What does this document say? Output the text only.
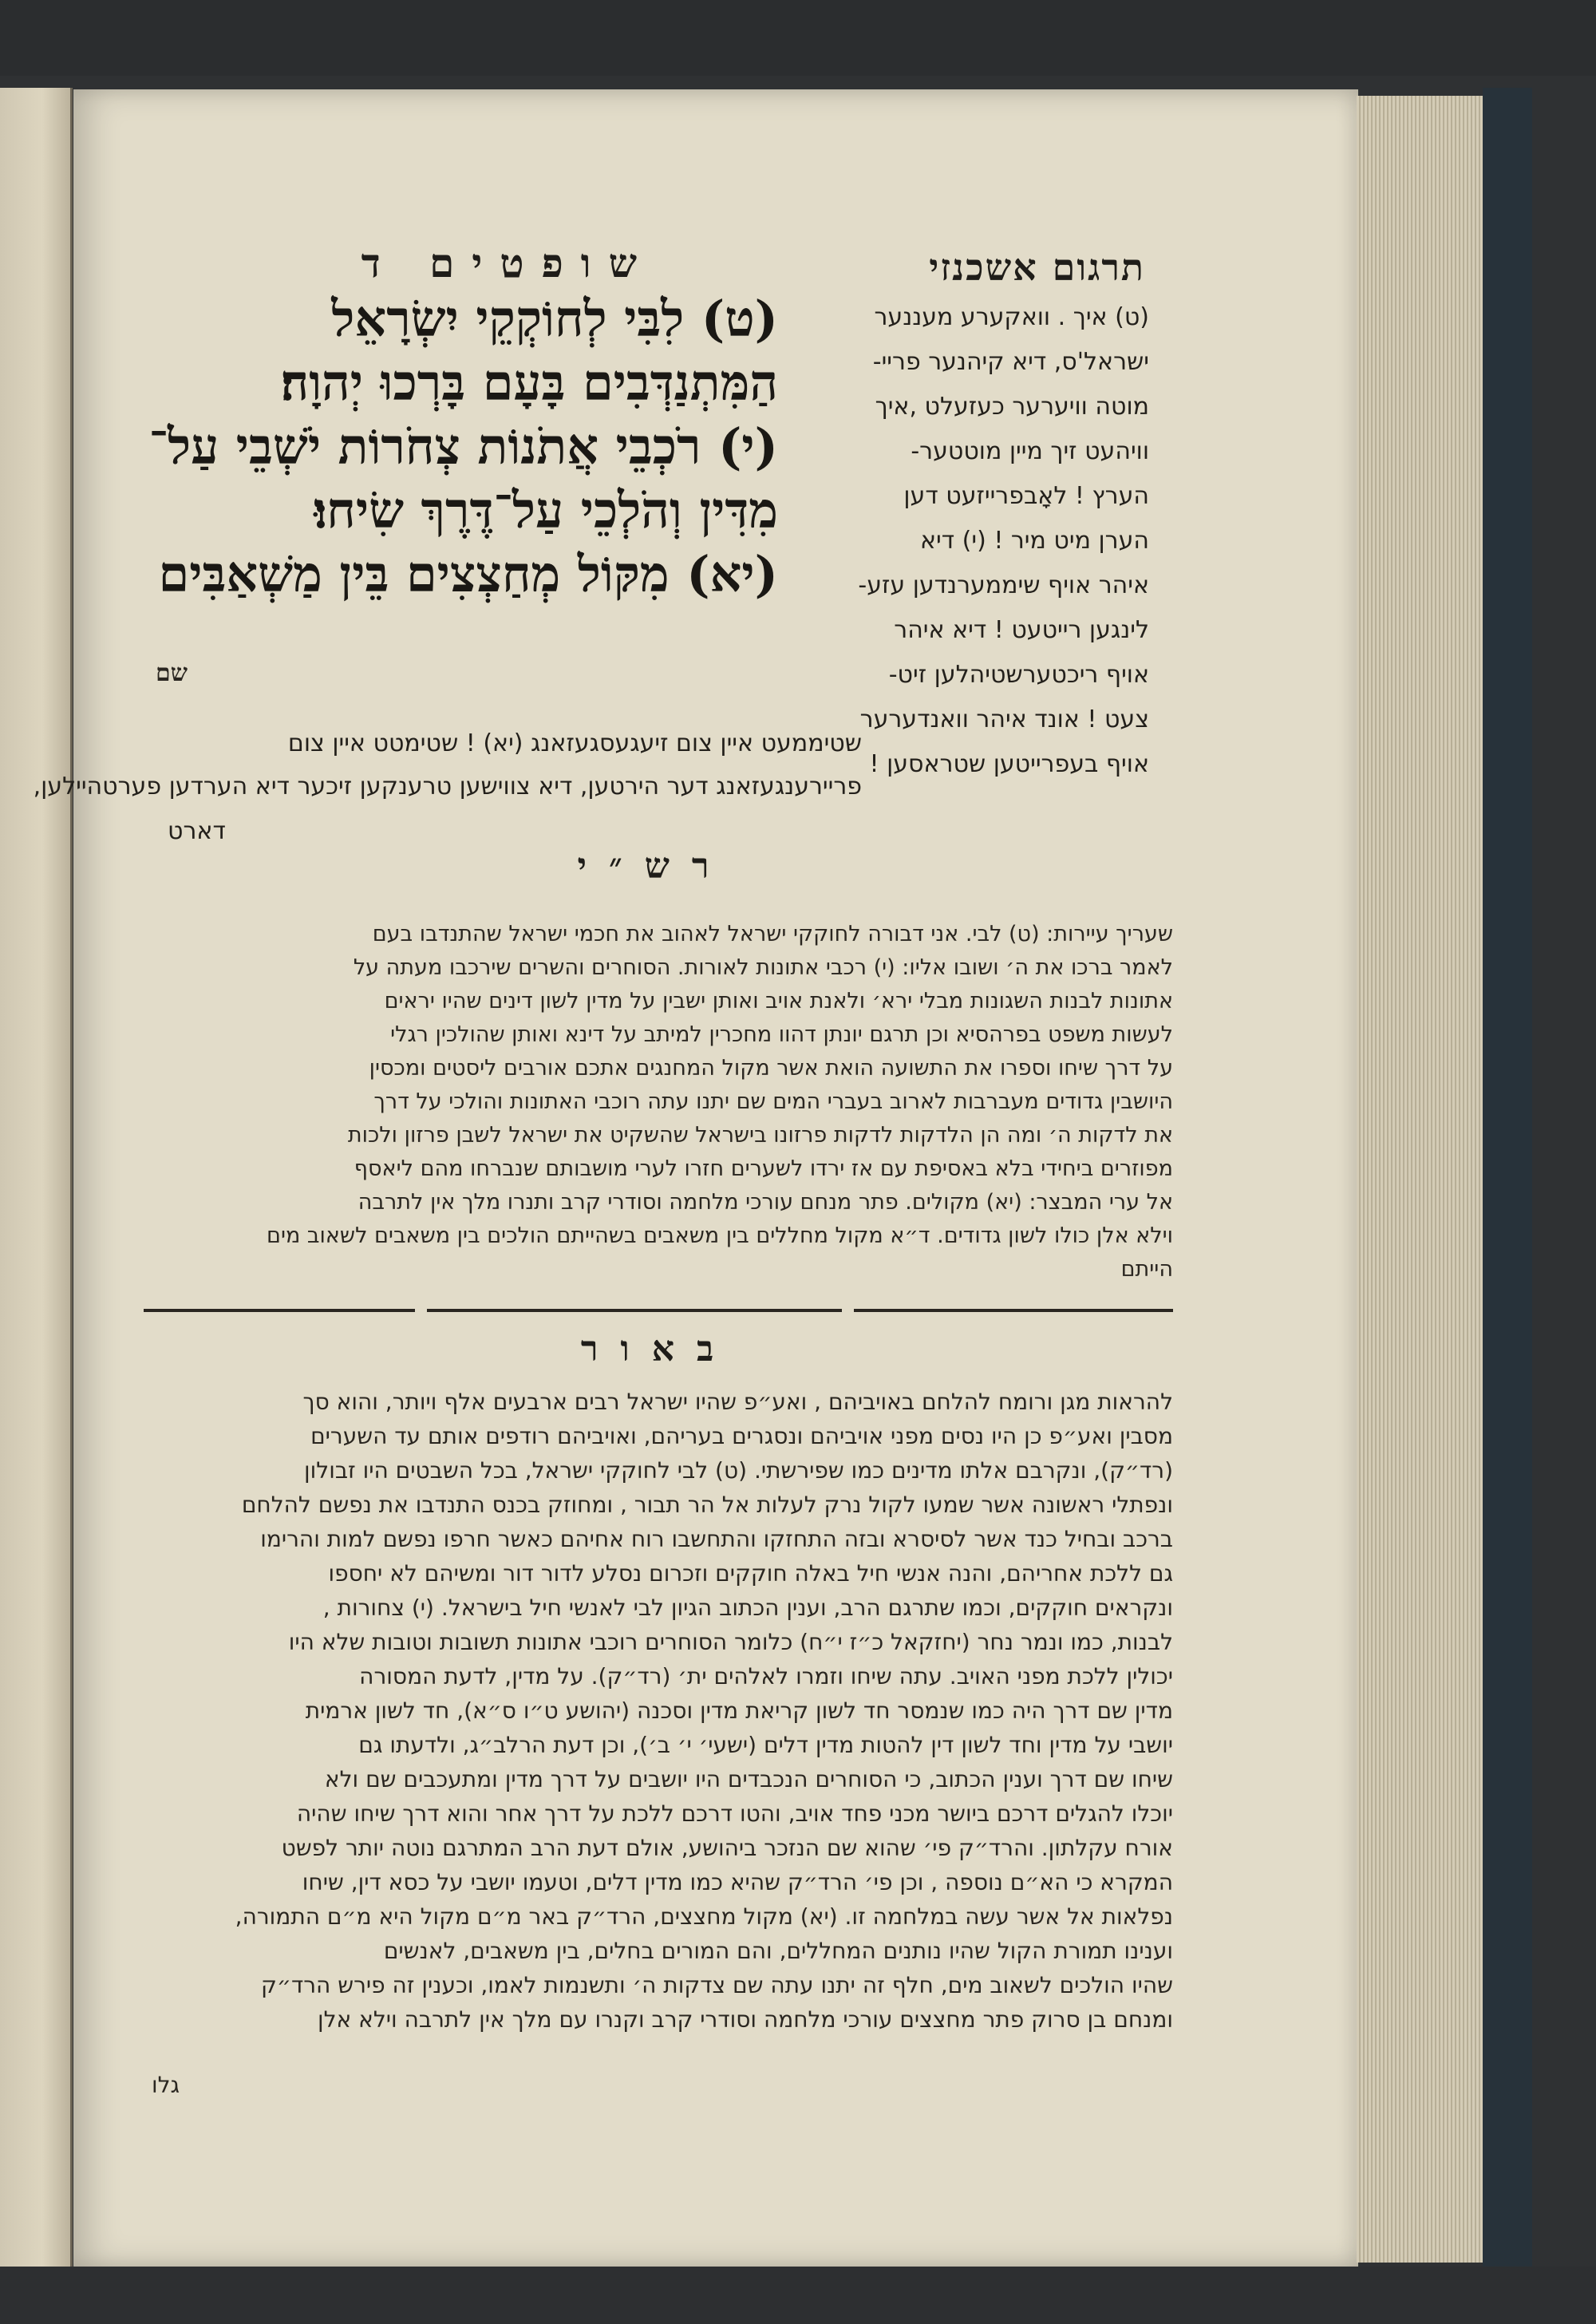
תרגום אשכנזי
שופטים ד
(ט) איך . וואקערע מעננער
ישראל'ס, דיא קיהנער פריי-
מוטה וויערער כעזעלט ,איך
וויהעט זיך מיין מוטטער-
הערץ ! לאָבפרייזעט דען
הערן מיט מיר ! (י) דיא
איהר אויף שיממערנדען עזע-
לינגען רייטעט ! דיא איהר
אויף ריכטערשטיהלען זיט-
צעט ! אונד איהר וואנדערער
אויף בעפרייטען שטראסען !
(ט) לִבִּי לְחוֹקְקֵי יִשְׂרָאֵל
הַמִּתְנַדְּבִים בָּעָם בָּרְכוּ יְהוָה׃
(י) רֹכְבֵי אֲתֹנוֹת צְחֹרוֹת יֹשְׁבֵי עַל־
מִדִּין וְהֹלְכֵי עַל־דֶּרֶךְ שִׂיחוּ׃
(יא) מִקּוֹל מְחַצְצִים בֵּין מַשְׁאַבִּים
שם
שטיממעט איין צום זיעגעסגעזאנג (יא) ! שטימטט איין צום
פריירענגעזאנג דער הירטען, דיא צווישען טרענקען זיכער דיא הערדען פערטהיילען,
דארט
רש״י
שעריך עיירות: (ט) לבי. אני דבורה לחוקקי ישראל לאהוב את חכמי ישראל שהתנדבו בעם
לאמר ברכו את ה׳ ושובו אליו: (י) רכבי אתונות לאורות. הסוחרים והשרים שירכבו מעתה על
אתונות לבנות השגונות מבלי ירא׳ ולאנת אויב ואותן ישבין על מדין לשון דינים שהיו יראים
לעשות משפט בפרהסיא וכן תרגם יונתן דהוו מחכרין למיתב על דינא ואותן שהולכין רגלי
על דרך שיחו וספרו את התשועה הואת אשר מקול המחנגים אתכם אורבים ליסטים ומכסין
היושבין גדודים מעברבות לארוב בעברי המים שם יתנו עתה רוכבי האתונות והולכי על דרך
את לדקות ה׳ ומה הן הלדקות לדקות פרזונו בישראל שהשקיט את ישראל לשבן פרזון ולכות
מפוזרים ביחידי בלא באסיפת עם אז ירדו לשערים חזרו לערי מושבותם שנברחו מהם ליאסף
אל ערי המבצר: (יא) מקולים. פתר מנחם עורכי מלחמה וסודרי קרב ותנרו מלך אין לתרבה
וילא אלן כולו לשון גדודים. ד״א מקול מחללים בין משאבים בשהייתם הולכים בין משאבים לשאוב מים
הייתם
באור
להראות מגן ורומח להלחם באויביהם , ואע״פ שהיו ישראל רבים ארבעים אלף ויותר, והוא סך
מסבין ואע״פ כן היו נסים מפני אויביהם ונסגרים בעריהם, ואויביהם רודפים אותם עד השערים
(רד״ק), ונקרבם אלתו מדינים כמו שפירשתי. (ט) לבי לחוקקי ישראל, בכל השבטים היו זבולון
ונפתלי ראשונה אשר שמעו לקול נרק לעלות אל הר תבור , ומחוזק בכנס התנדבו את נפשם להלחם
ברכב ובחיל כנד אשר לסיסרא ובזה התחזקו והתחשבו רוח אחיהם כאשר חרפו נפשם למות והרימו
גם ללכת אחריהם, והנה אנשי חיל באלה חוקקים וזכרום נסלע לדור דור ומשיהם לא יחספו
ונקראים חוקקים, וכמו שתרגם הרב, וענין הכתוב הגיון לבי לאנשי חיל בישראל. (י) צחורות ,
לבנות, כמו ונמר נחר (יחזקאל כ״ז י״ח) כלומר הסוחרים רוכבי אתונות תשובות וטובות שלא היו
יכולין ללכת מפני האויב. עתה שיחו וזמרו לאלהים ית׳ (רד״ק). על מדין, לדעת המסורה
מדין שם דרך היה כמו שנמסר חד לשון קריאת מדין וסכנה (יהושע ט״ו ס״א), חד לשון ארמית
יושבי על מדין וחד לשון דין להטות מדין דלים (ישעי׳ י׳ ב׳), וכן דעת הרלב״ג, ולדעתו גם
שיחו שם דרך וענין הכתוב, כי הסוחרים הנכבדים היו יושבים על דרך מדין ומתעכבים שם ולא
יוכלו להגלים דרכם ביושר מכני פחד אויב, והטו דרכם ללכת על דרך אחר והוא דרך שיחו שהיה
אורח עקלתון. והרד״ק פי׳ שהוא שם הנזכר ביהושע, אולם דעת הרב המתרגם נוטה יותר לפשט
המקרא כי הא״ם נוספה , וכן פי׳ הרד״ק שהיא כמו מדין דלים, וטעמו יושבי על כסא דין, שיחו
נפלאות אל אשר עשה במלחמה זו. (יא) מקול מחצצים, הרד״ק באר מ״ם מקול היא מ״ם התמורה,
וענינו תמורת הקול שהיו נותנים המחללים, והם המורים בחלים, בין משאבים, לאנשים
שהיו הולכים לשאוב מים, חלף זה יתנו עתה שם צדקות ה׳ ותשנמות לאמו, וכענין זה פירש הרד״ק
ומנחם בן סרוק פתר מחצצים עורכי מלחמה וסודרי קרב וקנרו עם מלך אין לתרבה וילא אלן
גלו
